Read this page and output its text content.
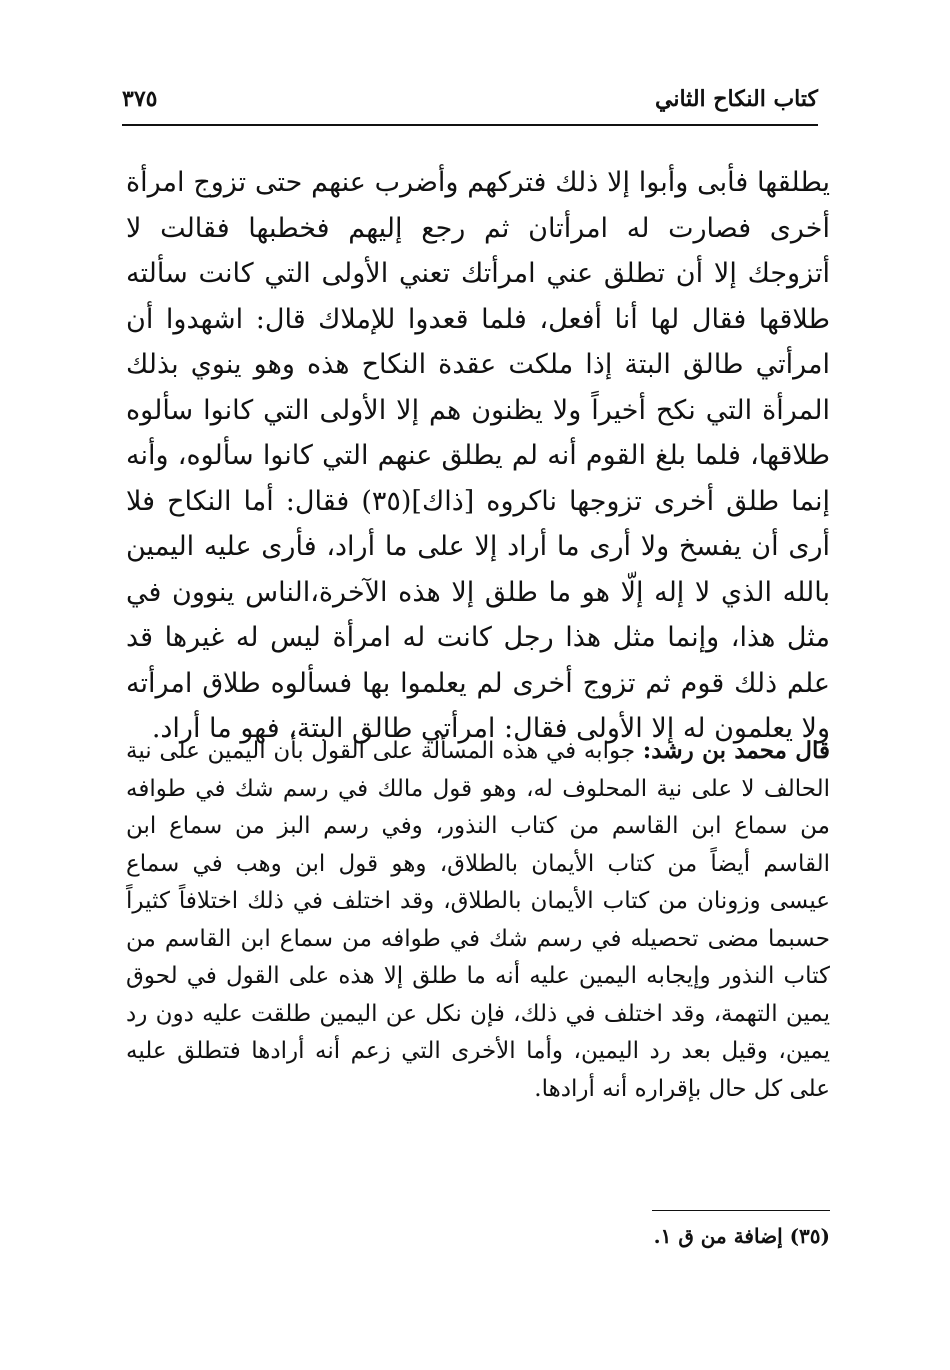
كتاب النكاح الثاني
٣٧٥

يطلقها فأبى وأبوا إلا ذلك فتركهم وأضرب عنهم حتى تزوج امرأة أخرى فصارت له امرأتان ثم رجع إليهم فخطبها فقالت لا أتزوجك إلا أن تطلق عني امرأتك تعني الأولى التي كانت سألته طلاقها فقال لها أنا أفعل، فلما قعدوا للإملاك قال: اشهدوا أن امرأتي طالق البتة إذا ملكت عقدة النكاح هذه وهو ينوي بذلك المرأة التي نكح أخيراً ولا يظنون هم إلا الأولى التي كانوا سألوه طلاقها، فلما بلغ القوم أنه لم يطلق عنهم التي كانوا سألوه، وأنه إنما طلق أخرى تزوجها ناكروه [ذاك](٣٥) فقال: أما النكاح فلا أرى أن يفسخ ولا أرى ما أراد إلا على ما أراد، فأرى عليه اليمين بالله الذي لا إله إلّا هو ما طلق إلا هذه الآخرة،الناس ينوون في مثل هذا، وإنما مثل هذا رجل كانت له امرأة ليس له غيرها قد علم ذلك قوم ثم تزوج أخرى لم يعلموا بها فسألوه طلاق امرأته ولا يعلمون له إلا الأولى فقال: امرأتي طالق البتة، فهو ما أراد.

قال محمد بن رشد: جوابه في هذه المسألة على القول بأن اليمين على نية الحالف لا على نية المحلوف له، وهو قول مالك في رسم شك في طوافه من سماع ابن القاسم من كتاب النذور، وفي رسم البز من سماع ابن القاسم أيضاً من كتاب الأيمان بالطلاق، وهو قول ابن وهب في سماع عيسى وزونان من كتاب الأيمان بالطلاق، وقد اختلف في ذلك اختلافاً كثيراً حسبما مضى تحصيله في رسم شك في طوافه من سماع ابن القاسم من كتاب النذور وإيجابه اليمين عليه أنه ما طلق إلا هذه على القول في لحوق يمين التهمة، وقد اختلف في ذلك، فإن نكل عن اليمين طلقت عليه دون رد يمين، وقيل بعد رد اليمين، وأما الأخرى التي زعم أنه أرادها فتطلق عليه على كل حال بإقراره أنه أرادها.

(٣٥) إضافة من ق ١.
